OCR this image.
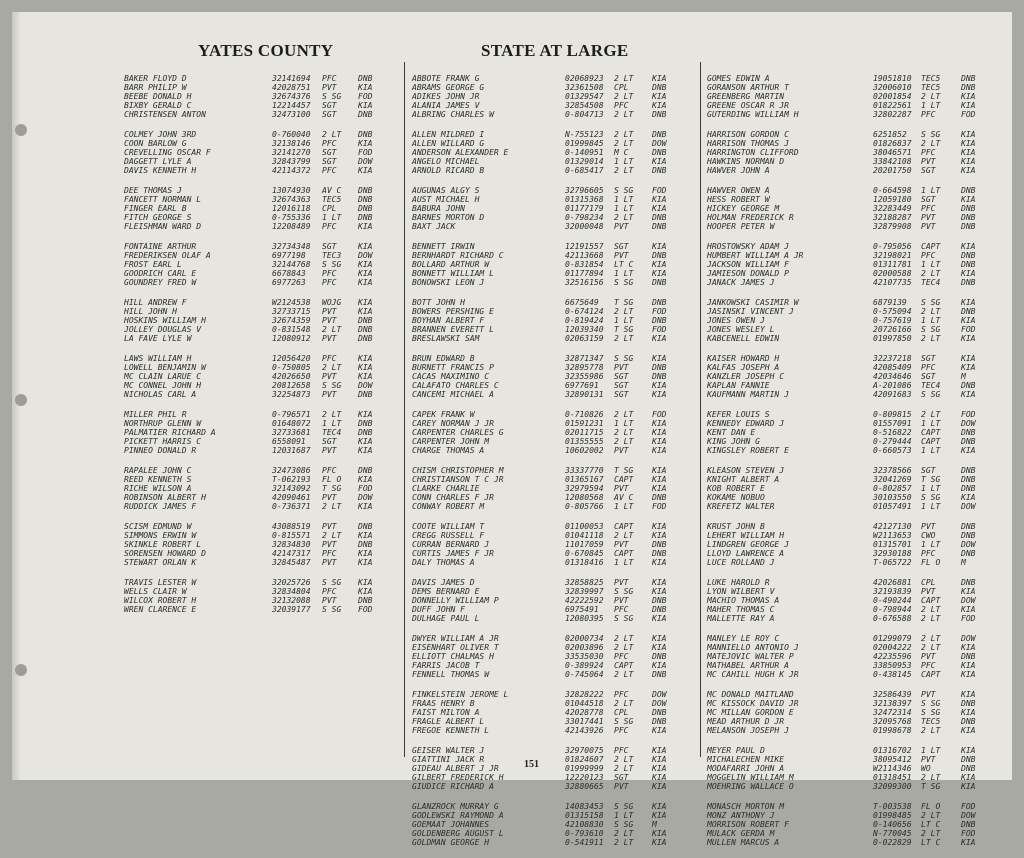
YATES COUNTY	STATE AT LARGE
BAKER FLOYD D	32141694 PFC	DNB
BARR PHILIP W	42028751 PVT	KIA
BEEBE DONALD H	32674376 S SG FOD
BIXBY GERALD C	12214457 SGT	KIA
CHRISTENSEN ANTON	32473100 SGT	DNB
COLMEY JOHN 3RD	0-760040 2 LT DNB
COON BARLOW G	32138146 PFC	KIA
CREVELLING OSCAR F	32141270 SGT	FOD
DAGGETT LYLE A	32843799 SGT	DOW
DAVIS KENNETH H	42114372 PFC	KIA
DEE THOMAS J	13074930 AV C DNB
FANCETT NORMAN L	32674363 TEC5 DNB
FINGER EARL B	12016118 CPL	DNB
FITCH GEORGE S	0-755336 1 LT DNB
FLEISHMAN WARD D	12208489 PFC	KIA
FONTAINE ARTHUR	32734348 SGT	KIA
FREDERIKSEN OLAF A	6977198 TEC3 DOW
FROST EARL L	32144768 S SG KIA
GOODRICH CARL E	6678843 PFC	KIA
GOUNDREY FRED W	6977263 PFC	KIA
HILL ANDREW F	W2124538 WOJG KIA
HILL JOHN H	32733715 PVT	KIA
HOSKINS WILLIAM H	32674359 PVT	DNB
JOLLEY DOUGLAS V	0-831548 2 LT DNB
LA FAVE LYLE W	12080912 PVT	DNB
LAWS WILLIAM H	12056420 PFC	KIA
LOWELL BENJAMIN W	0-750805 2 LT KIA
MC CLAIN LARUE C	42026650 PVT	KIA
MC CONNEL JOHN H	20812658 S SG DOW
NICHOLAS CARL A	32254873 PVT	DNB
MILLER PHIL R	0-796571 2 LT KIA
NORTHRUP GLENN W	01648072 1 LT DNB
PALMATIER RICHARD A	32733681 TEC4 DNB
PICKETT HARRIS C	6558091 SGT	KIA
PINNEO DONALD R	12031687 PVT	KIA
RAPALEE JOHN C	32473086 PFC	DNB
REED KENNETH S	T-062193 FL O KIA
RICHE WILSON A	32143092 T SG FOD
ROBINSON ALBERT H	42090461 PVT	DOW
RUDDICK JAMES F	0-736371 2 LT KIA
SCISM EDMUND W	43088519 PVT	DNB
SIMMONS ERWIN W	0-815571 2 LT KIA
SKINKLE ROBERT L	32834830 PVT	DNB
SORENSEN HOWARD D	42147317 PFC	KIA
STEWART ORLAN K	32845487 PVT	KIA
TRAVIS LESTER W	32025726 S SG KIA
WELLS CLAIR W	32834804 PFC	KIA
WILCOX ROBERT H	32132088 PVT	DNB
WREN CLARENCE E	32039177 S SG FOD
ABBOTE FRANK G	02068923 2 LT KIA
ABRAMS GEORGE G	32361508 CPL	DNB
ADIKES JOHN JR	01329547 2 LT KIA
ALANIA JAMES V	32854508 PFC	KIA
ALBRING CHARLES W	0-804713 2 LT DNB
ALLEN MILDRED I	N-755123 2 LT DNB
ALLEN WILLARD G	01999845 2 LT DOW
ANDERSON ALEXANDER E	0-140951 M C	DNB
ANGELO MICHAEL	01329014 1 LT KIA
ARNOLD RICARD B	0-685417 2 LT DNB
AUGUNAS ALGY S	32796605 S SG FOD
AUST MICHAEL H	01315368 1 LT KIA
BABURA JOHN	01177179 1 LT KIA
BARNES MORTON D	0-798234 2 LT DNB
BAXT JACK	32000048 PVT	DNB
BENNETT IRWIN	12191557 SGT	KIA
BERNHARDT RICHARD C	42113668 PVT	DNB
BOLLARD ARTHUR W	0-831854 LT C KIA
BONNETT WILLIAM L	01177894 1 LT KIA
BONOWSKI LEON J	32516156 S SG DNB
BOTT JOHN H	6675649 T SG DNB
BOWERS PERSHING E	0-674124 2 LT FOD
BOYHAN ALBERT F	0-819424 1 LT DNB
BRANNEN EVERETT L	12039340 T SG FOD
BRESLAWSKI SAM	02063159 2 LT KIA
BRUN EDWARD B	32871347 S SG KIA
BURNETT FRANCIS P	32895778 PVT	DNB
CACAS MAXIMINO C	32355986 SGT	DNB
CALAFATO CHARLES C	6977691 SGT	KIA
CANCEMI MICHAEL A	32890131 SGT	KIA
CAPEK FRANK W	0-710826 2 LT FOD
CAREY NORMAN J JR	01591231 1 LT KIA
CARPENTER CHARLES G	02011715 2 LT KIA
CARPENTER JOHN M	01355555 2 LT KIA
CHARGE THOMAS A	10602002 PVT	KIA
CHISM CHRISTOPHER M	33337770 T SG KIA
CHRISTIANSON T C JR	01365167 CAPT KIA
CLARKE CHARLIE	32979594 PVT	KIA
CONN CHARLES F JR	12080568 AV C DNB
CONWAY ROBERT M	0-805766 1 LT FOD
COOTE WILLIAM T	01100053 CAPT KIA
CREGG RUSSELL F	01041118 2 LT KIA
CURRAN BERNARD J	11017059 PVT	DNB
CURTIS JAMES F JR	0-670845 CAPT DNB
DALY THOMAS A	01318416 1 LT KIA
DAVIS JAMES D	32858825 PVT	KIA
DEMS BERNARD E	32839997 S SG KIA
DONNELLY WILLIAM P	42222592 PVT	DNB
DUFF JOHN F	6975491 PFC	DNB
DULHAGE PAUL L	12080395 S SG KIA
DWYER WILLIAM A JR	02000734 2 LT KIA
EISENHART OLIVER T	02003896 2 LT KIA
ELLIOTT CHALMAS H	33535030 PFC	DNB
FARRIS JACOB T	0-389924 CAPT KIA
FENNELL THOMAS W	0-745064 2 LT DNB
FINKELSTEIN JEROME L	32828222 PFC	DOW
FRAAS HENRY B	01044518 2 LT DOW
FAIST MILTON A	42028778 CPL	DNB
FRAGLE ALBERT L	33017441 S SG DNB
FREGOE KENNETH L	42143926 PFC	KIA
GEISER WALTER J	32970075 PFC	KIA
GIATTINI JACK R	01824607 2 LT KIA
GIDEAU ALBERT J JR	01999999 2 LT KIA
GILBERT FREDERICK H	12220123 SGT	KIA
GIUDICE RICHARD A	32880665 PVT	KIA
GLANZROCK MURRAY G	14083453 S SG KIA
GODLEWSKI RAYMOND A	01315158 1 LT KIA
GOEMAAT JOHANNES	42108830 S SG M
GOLDENBERG AUGUST L	0-793610 2 LT KIA
GOLDMAN GEORGE H	0-541911 2 LT KIA
GOMES EDWIN A	19051810 TEC5	DNB
GORANSON ARTHUR T	32006010 TEC5	DNB
GREENBERG MARTIN	02001854 2 LT	KIA
GREENE OSCAR R JR	01822561 1 LT	KIA
GUTERDING WILLIAM H	32802287 PFC	FOD
HARRISON GORDON C	6251852 S SG	KIA
HARRISON THOMAS J	01826837 2 LT	KIA
HARRINGTON CLIFFORD	38046571 PFC	KIA
HAWKINS NORMAN D	33842108 PVT	KIA
HAWVER JOHN A	20201750 SGT	KIA
HAWVER OWEN A	0-664598 1 LT	DNB
HESS ROBERT W	12059180 SGT	KIA
HICKEY GEORGE M	32283449 PFC	DNB
HOLMAN FREDERICK R	32188287 PVT	DNB
HOOPER PETER W	32879908 PVT	DNB
HROSTOWSKY ADAM J	0-795056 CAPT	KIA
HUMBERT WILLIAM A JR	32198021 PFC	DNB
JACKSON WILLIAM F	01311781 1 LT	DNB
JAMIESON DONALD P	02000588 2 LT	KIA
JANACK JAMES J	42107735 TEC4	DNB
JANKOWSKI CASIMIR W	6879139 S SG	KIA
JASINSKI VINCENT J	0-575094 2 LT	DNB
JONES OWEN J	0-757619 1 LT	KIA
JONES WESLEY L	20726166 S SG	FOD
KABCENELL EDWIN	01997850 2 LT	KIA
KAISER HOWARD H	32237218 SGT	KIA
KALFAS JOSEPH A	42085409 PFC	KIA
KANZLER JOSEPH C	42034646 SGT	M
KAPLAN FANNIE	A-201086 TEC4	DNB
KAUFMANN MARTIN J	42091683 S SG	KIA
KEFER LOUIS S	0-809815 2 LT	FOD
KENNEDY EDWARD J	01557091 1 LT	DOW
KENT DAN E	0-516822 CAPT	DNB
KING JOHN G	0-279444 CAPT	DNB
KINGSLEY ROBERT E	0-660573 1 LT	KIA
KLEASON STEVEN J	32378566 SGT	DNB
KNIGHT ALBERT A	32041269 T SG	DNB
KOB ROBERT E	0-802857 1 LT	DNB
KOKAME NOBUO	30103550 S SG	KIA
KREFETZ WALTER	01057491 1 LT	DOW
KRUST JOHN B	42127130 PVT	DNB
LEHERT WILLIAM H	W2113653 CWO	DNB
LINDGREN GEORGE J	01315701 1 LT	DOW
LLOYD LAWRENCE A	32930188 PFC	DNB
LUCE ROLLAND J	T-065722 FL O	M
LUKE HAROLD R	42026881 CPL	DNB
LYON WILBERT V	32193839 PVT	KIA
MACHIO THOMAS A	0-490244 CAPT	DOW
MAHER THOMAS C	0-798944 2 LT	KIA
MALLETTE RAY A	0-676588 2 LT	FOD
MANLEY LE ROY C	01299079 2 LT	DOW
MANNIELLO ANTONIO J	02004222 2 LT	KIA
MATEJOVIC WALTER P	42235596 PVT	DNB
MATHABEL ARTHUR A	33850953 PFC	KIA
MC CAHILL HUGH K JR	0-438145 CAPT	KIA
MC DONALD MAITLAND	32586439 PVT	KIA
MC KISSOCK DAVID JR	32138397 S SG	DNB
MC MILLAN GORDON E	32472314 S SG	KIA
MEAD ARTHUR D JR	32095768 TEC5	DNB
MELANSON JOSEPH J	01998678 2 LT	KIA
MEYER PAUL D	01316702 1 LT	KIA
MICHALECHEN MIKE	38095412 PVT	DNB
MODAFARRI JOHN A	W2114346 WO	DNB
MOGGELIN WILLIAM M	01318451 2 LT	KIA
MOEHRING WALLACE O	32099300 T SG	KIA
MONASCH MORTON M	T-003538 FL O	FOD
MONZ ANTHONY J	01998485 2 LT	DOW
MORRISON ROBERT F	0-140656 LT C	DNB
MULACK GERDA M	N-770045 2 LT	FOD
MULLEN MARCUS A	0-022829 LT C	KIA
151
